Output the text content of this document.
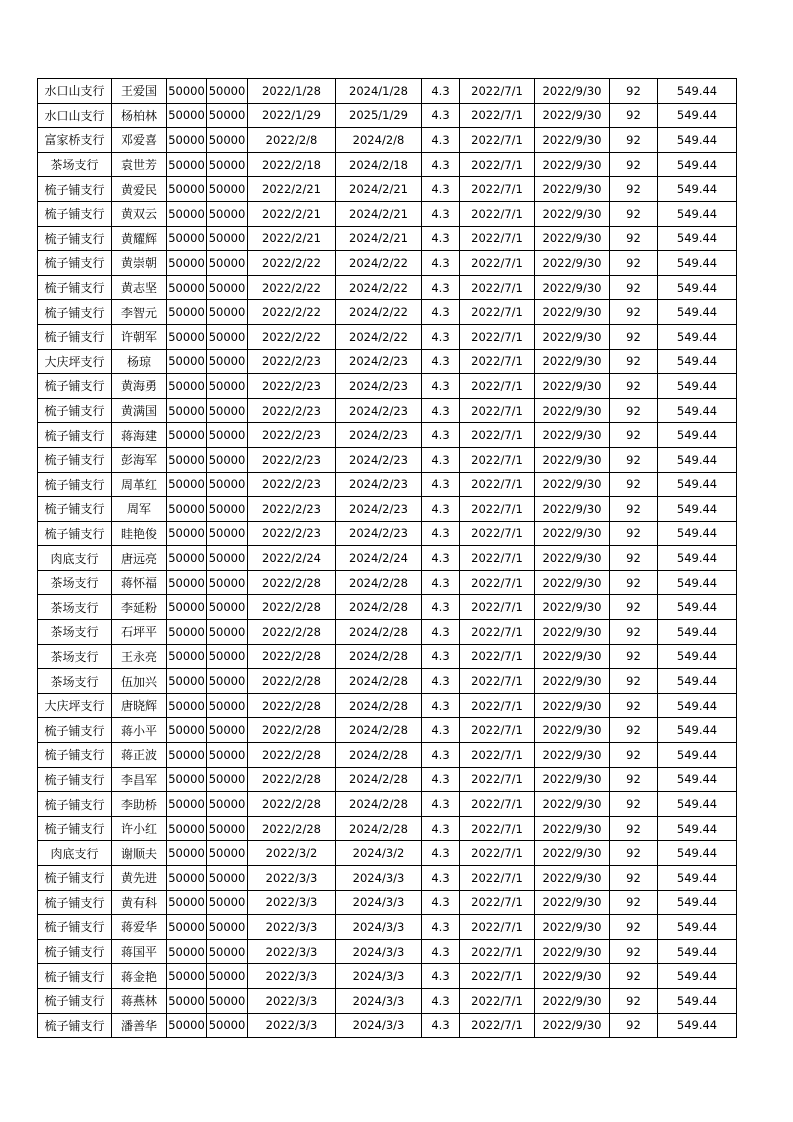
水口山支行	王爱国	50000	50000	2022/1/28	2024/1/28	4.3	2022/7/1	2022/9/30	92	549.44
水口山支行	杨柏林	50000	50000	2022/1/29	2025/1/29	4.3	2022/7/1	2022/9/30	92	549.44
富家桥支行	邓爱喜	50000	50000	2022/2/8	2024/2/8	4.3	2022/7/1	2022/9/30	92	549.44
茶场支行	袁世芳	50000	50000	2022/2/18	2024/2/18	4.3	2022/7/1	2022/9/30	92	549.44
梳子铺支行	黄爱民	50000	50000	2022/2/21	2024/2/21	4.3	2022/7/1	2022/9/30	92	549.44
梳子铺支行	黄双云	50000	50000	2022/2/21	2024/2/21	4.3	2022/7/1	2022/9/30	92	549.44
梳子铺支行	黄耀辉	50000	50000	2022/2/21	2024/2/21	4.3	2022/7/1	2022/9/30	92	549.44
梳子铺支行	黄崇朝	50000	50000	2022/2/22	2024/2/22	4.3	2022/7/1	2022/9/30	92	549.44
梳子铺支行	黄志坚	50000	50000	2022/2/22	2024/2/22	4.3	2022/7/1	2022/9/30	92	549.44
梳子铺支行	李智元	50000	50000	2022/2/22	2024/2/22	4.3	2022/7/1	2022/9/30	92	549.44
梳子铺支行	许朝军	50000	50000	2022/2/22	2024/2/22	4.3	2022/7/1	2022/9/30	92	549.44
大庆坪支行	杨琼	50000	50000	2022/2/23	2024/2/23	4.3	2022/7/1	2022/9/30	92	549.44
梳子铺支行	黄海勇	50000	50000	2022/2/23	2024/2/23	4.3	2022/7/1	2022/9/30	92	549.44
梳子铺支行	黄满国	50000	50000	2022/2/23	2024/2/23	4.3	2022/7/1	2022/9/30	92	549.44
梳子铺支行	蒋海建	50000	50000	2022/2/23	2024/2/23	4.3	2022/7/1	2022/9/30	92	549.44
梳子铺支行	彭海军	50000	50000	2022/2/23	2024/2/23	4.3	2022/7/1	2022/9/30	92	549.44
梳子铺支行	周革红	50000	50000	2022/2/23	2024/2/23	4.3	2022/7/1	2022/9/30	92	549.44
梳子铺支行	周军	50000	50000	2022/2/23	2024/2/23	4.3	2022/7/1	2022/9/30	92	549.44
梳子铺支行	眭艳俊	50000	50000	2022/2/23	2024/2/23	4.3	2022/7/1	2022/9/30	92	549.44
肉底支行	唐远亮	50000	50000	2022/2/24	2024/2/24	4.3	2022/7/1	2022/9/30	92	549.44
茶场支行	蒋怀福	50000	50000	2022/2/28	2024/2/28	4.3	2022/7/1	2022/9/30	92	549.44
茶场支行	李延粉	50000	50000	2022/2/28	2024/2/28	4.3	2022/7/1	2022/9/30	92	549.44
茶场支行	石坪平	50000	50000	2022/2/28	2024/2/28	4.3	2022/7/1	2022/9/30	92	549.44
茶场支行	王永亮	50000	50000	2022/2/28	2024/2/28	4.3	2022/7/1	2022/9/30	92	549.44
茶场支行	伍加兴	50000	50000	2022/2/28	2024/2/28	4.3	2022/7/1	2022/9/30	92	549.44
大庆坪支行	唐晓辉	50000	50000	2022/2/28	2024/2/28	4.3	2022/7/1	2022/9/30	92	549.44
梳子铺支行	蒋小平	50000	50000	2022/2/28	2024/2/28	4.3	2022/7/1	2022/9/30	92	549.44
梳子铺支行	蒋正波	50000	50000	2022/2/28	2024/2/28	4.3	2022/7/1	2022/9/30	92	549.44
梳子铺支行	李昌军	50000	50000	2022/2/28	2024/2/28	4.3	2022/7/1	2022/9/30	92	549.44
梳子铺支行	李助桥	50000	50000	2022/2/28	2024/2/28	4.3	2022/7/1	2022/9/30	92	549.44
梳子铺支行	许小红	50000	50000	2022/2/28	2024/2/28	4.3	2022/7/1	2022/9/30	92	549.44
肉底支行	谢顺夫	50000	50000	2022/3/2	2024/3/2	4.3	2022/7/1	2022/9/30	92	549.44
梳子铺支行	黄先进	50000	50000	2022/3/3	2024/3/3	4.3	2022/7/1	2022/9/30	92	549.44
梳子铺支行	黄有科	50000	50000	2022/3/3	2024/3/3	4.3	2022/7/1	2022/9/30	92	549.44
梳子铺支行	蒋爱华	50000	50000	2022/3/3	2024/3/3	4.3	2022/7/1	2022/9/30	92	549.44
梳子铺支行	蒋国平	50000	50000	2022/3/3	2024/3/3	4.3	2022/7/1	2022/9/30	92	549.44
梳子铺支行	蒋金艳	50000	50000	2022/3/3	2024/3/3	4.3	2022/7/1	2022/9/30	92	549.44
梳子铺支行	蒋燕林	50000	50000	2022/3/3	2024/3/3	4.3	2022/7/1	2022/9/30	92	549.44
梳子铺支行	潘善华	50000	50000	2022/3/3	2024/3/3	4.3	2022/7/1	2022/9/30	92	549.44
